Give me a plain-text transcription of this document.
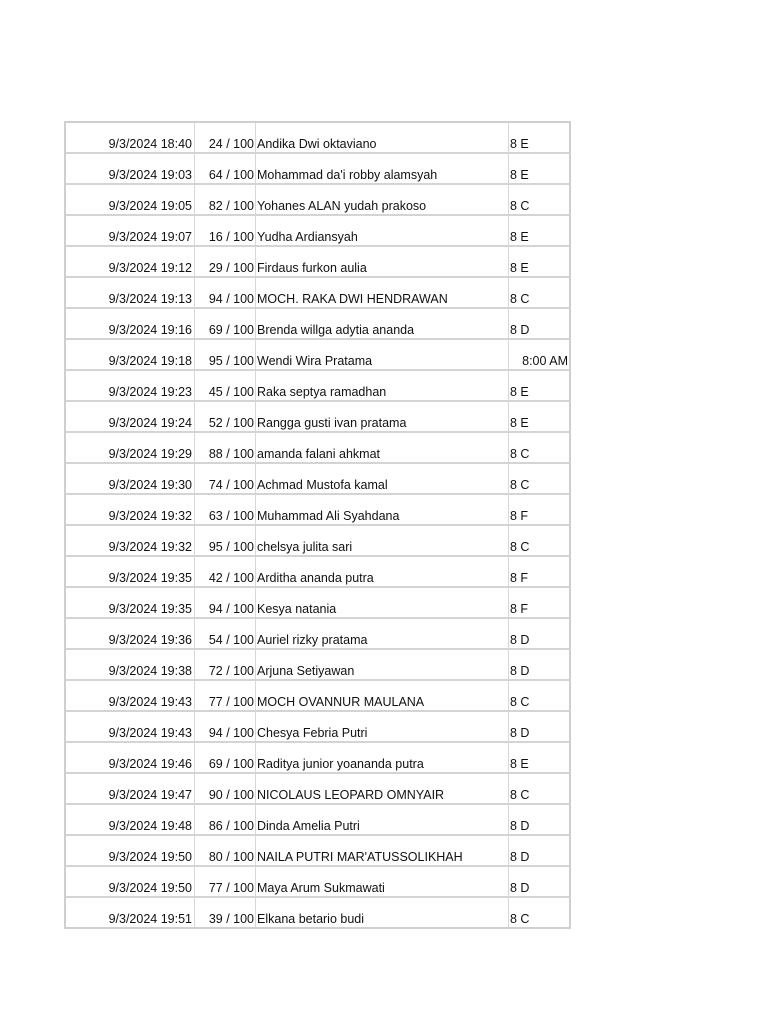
9/3/2024 18:40	24 / 100 Andika Dwi oktaviano	8 E
9/3/2024 19:03	64 / 100 Mohammad da'i robby alamsyah	8 E
9/3/2024 19:05	82 / 100 Yohanes ALAN yudah prakoso	8 C
9/3/2024 19:07	16 / 100 Yudha Ardiansyah	8 E
9/3/2024 19:12	29 / 100 Firdaus furkon aulia	8 E
9/3/2024 19:13	94 / 100 MOCH. RAKA DWI HENDRAWAN	8 C
9/3/2024 19:16	69 / 100 Brenda willga adytia ananda	8 D
9/3/2024 19:18	95 / 100 Wendi Wira Pratama	8:00 AM
9/3/2024 19:23	45 / 100 Raka septya ramadhan	8 E
9/3/2024 19:24	52 / 100 Rangga gusti ivan pratama	8 E
9/3/2024 19:29	88 / 100 amanda falani ahkmat	8 C
9/3/2024 19:30	74 / 100 Achmad Mustofa kamal	8 C
9/3/2024 19:32	63 / 100 Muhammad Ali Syahdana	8 F
9/3/2024 19:32	95 / 100 chelsya julita sari	8 C
9/3/2024 19:35	42 / 100 Arditha ananda putra	8 F
9/3/2024 19:35	94 / 100 Kesya natania	8 F
9/3/2024 19:36	54 / 100 Auriel rizky pratama	8 D
9/3/2024 19:38	72 / 100 Arjuna Setiyawan	8 D
9/3/2024 19:43	77 / 100 MOCH OVANNUR MAULANA	8 C
9/3/2024 19:43	94 / 100 Chesya Febria Putri	8 D
9/3/2024 19:46	69 / 100 Raditya junior yoananda putra	8 E
9/3/2024 19:47	90 / 100 NICOLAUS LEOPARD OMNYAIR	8 C
9/3/2024 19:48	86 / 100 Dinda Amelia Putri	8 D
9/3/2024 19:50	80 / 100 NAILA PUTRI MAR'ATUSSOLIKHAH	8 D
9/3/2024 19:50	77 / 100 Maya Arum Sukmawati	8 D
9/3/2024 19:51	39 / 100 Elkana betario budi	8 C
